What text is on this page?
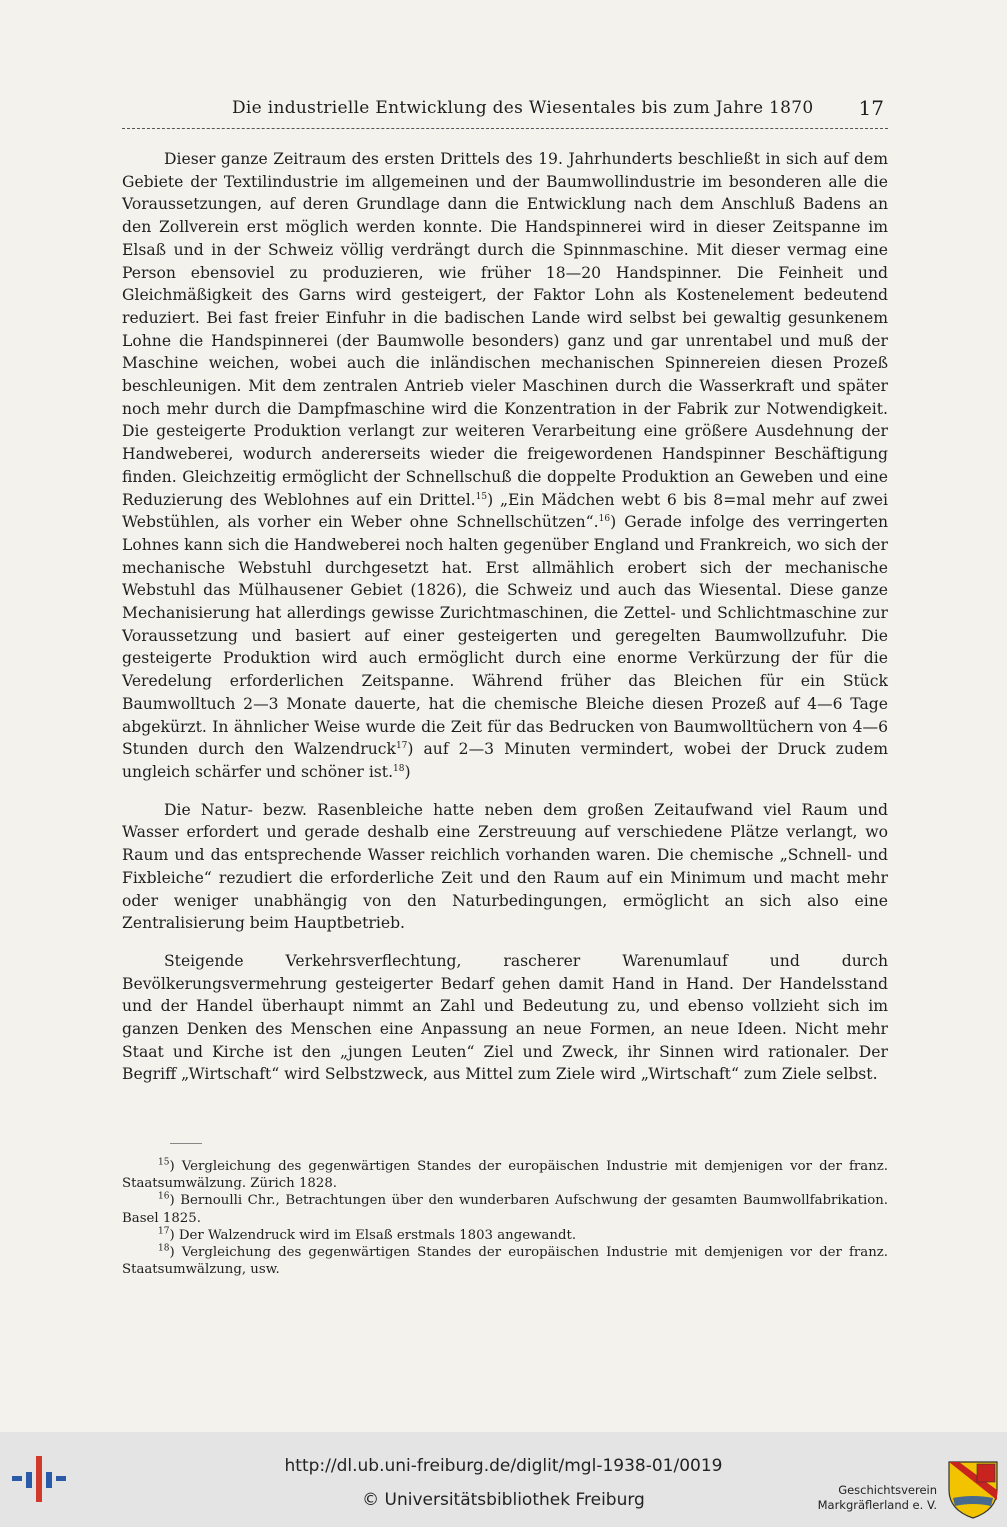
Die industrielle Entwicklung des Wiesentales bis zum Jahre 1870 17

Dieser ganze Zeitraum des ersten Drittels des 19. Jahrhunderts beschließt in sich auf dem Gebiete der Textilindustrie im allgemeinen und der Baumwollindustrie im besonderen alle die Voraussetzungen, auf deren Grundlage dann die Entwicklung nach dem Anschluß Badens an den Zollverein erst möglich werden konnte. Die Handspinnerei wird in dieser Zeitspanne im Elsaß und in der Schweiz völlig verdrängt durch die Spinnmaschine. Mit dieser vermag eine Person ebensoviel zu produzieren, wie früher 18—20 Handspinner. Die Feinheit und Gleichmäßigkeit des Garns wird gesteigert, der Faktor Lohn als Kostenelement bedeutend reduziert. Bei fast freier Einfuhr in die badischen Lande wird selbst bei gewaltig gesunkenem Lohne die Handspinnerei (der Baumwolle besonders) ganz und gar unrentabel und muß der Maschine weichen, wobei auch die inländischen mechanischen Spinnereien diesen Prozeß beschleunigen. Mit dem zentralen Antrieb vieler Maschinen durch die Wasserkraft und später noch mehr durch die Dampfmaschine wird die Konzentration in der Fabrik zur Notwendigkeit. Die gesteigerte Produktion verlangt zur weiteren Verarbeitung eine größere Ausdehnung der Handweberei, wodurch andererseits wieder die freigewordenen Handspinner Beschäftigung finden. Gleichzeitig ermöglicht der Schnellschuß die doppelte Produktion an Geweben und eine Reduzierung des Weblohnes auf ein Drittel.$^{15}$) „Ein Mädchen webt 6 bis 8=mal mehr auf zwei Webstühlen, als vorher ein Weber ohne Schnellschützen“.$^{16}$) Gerade infolge des verringerten Lohnes kann sich die Handweberei noch halten gegenüber England und Frankreich, wo sich der mechanische Webstuhl durchgesetzt hat. Erst allmählich erobert sich der mechanische Webstuhl das Mülhausener Gebiet (1826), die Schweiz und auch das Wiesental. Diese ganze Mechanisierung hat allerdings gewisse Zurichtmaschinen, die Zettel- und Schlichtmaschine zur Voraussetzung und basiert auf einer gesteigerten und geregelten Baumwollzufuhr. Die gesteigerte Produktion wird auch ermöglicht durch eine enorme Verkürzung der für die Veredelung erforderlichen Zeitspanne. Während früher das Bleichen für ein Stück Baumwolltuch 2—3 Monate dauerte, hat die chemische Bleiche diesen Prozeß auf 4—6 Tage abgekürzt. In ähnlicher Weise wurde die Zeit für das Bedrucken von Baumwolltüchern von 4—6 Stunden durch den Walzendruck$^{17}$) auf 2—3 Minuten vermindert, wobei der Druck zudem ungleich schärfer und schöner ist.$^{18}$)

Die Natur- bezw. Rasenbleiche hatte neben dem großen Zeitaufwand viel Raum und Wasser erfordert und gerade deshalb eine Zerstreuung auf verschiedene Plätze verlangt, wo Raum und das entsprechende Wasser reichlich vorhanden waren. Die chemische „Schnell- und Fixbleiche“ rezudiert die erforderliche Zeit und den Raum auf ein Minimum und macht mehr oder weniger unabhängig von den Naturbedingungen, ermöglicht an sich also eine Zentralisierung beim Hauptbetrieb.

Steigende Verkehrsverflechtung, rascherer Warenumlauf und durch Bevölkerungsvermehrung gesteigerter Bedarf gehen damit Hand in Hand. Der Handelsstand und der Handel überhaupt nimmt an Zahl und Bedeutung zu, und ebenso vollzieht sich im ganzen Denken des Menschen eine Anpassung an neue Formen, an neue Ideen. Nicht mehr Staat und Kirche ist den „jungen Leuten“ Ziel und Zweck, ihr Sinnen wird rationaler. Der Begriff „Wirtschaft“ wird Selbstzweck, aus Mittel zum Ziele wird „Wirtschaft“ zum Ziele selbst.

$^{15}$) Vergleichung des gegenwärtigen Standes der europäischen Industrie mit demjenigen vor der franz. Staatsumwälzung. Zürich 1828.

$^{16}$) Bernoulli Chr., Betrachtungen über den wunderbaren Aufschwung der gesamten Baumwollfabrikation. Basel 1825.

$^{17}$) Der Walzendruck wird im Elsaß erstmals 1803 angewandt.

$^{18}$) Vergleichung des gegenwärtigen Standes der europäischen Industrie mit demjenigen vor der franz. Staatsumwälzung, usw.

http://dl.ub.uni-freiburg.de/diglit/mgl-1938-01/0019
© Universitätsbibliothek Freiburg	Geschichtsverein
Markgräflerland e. V.
